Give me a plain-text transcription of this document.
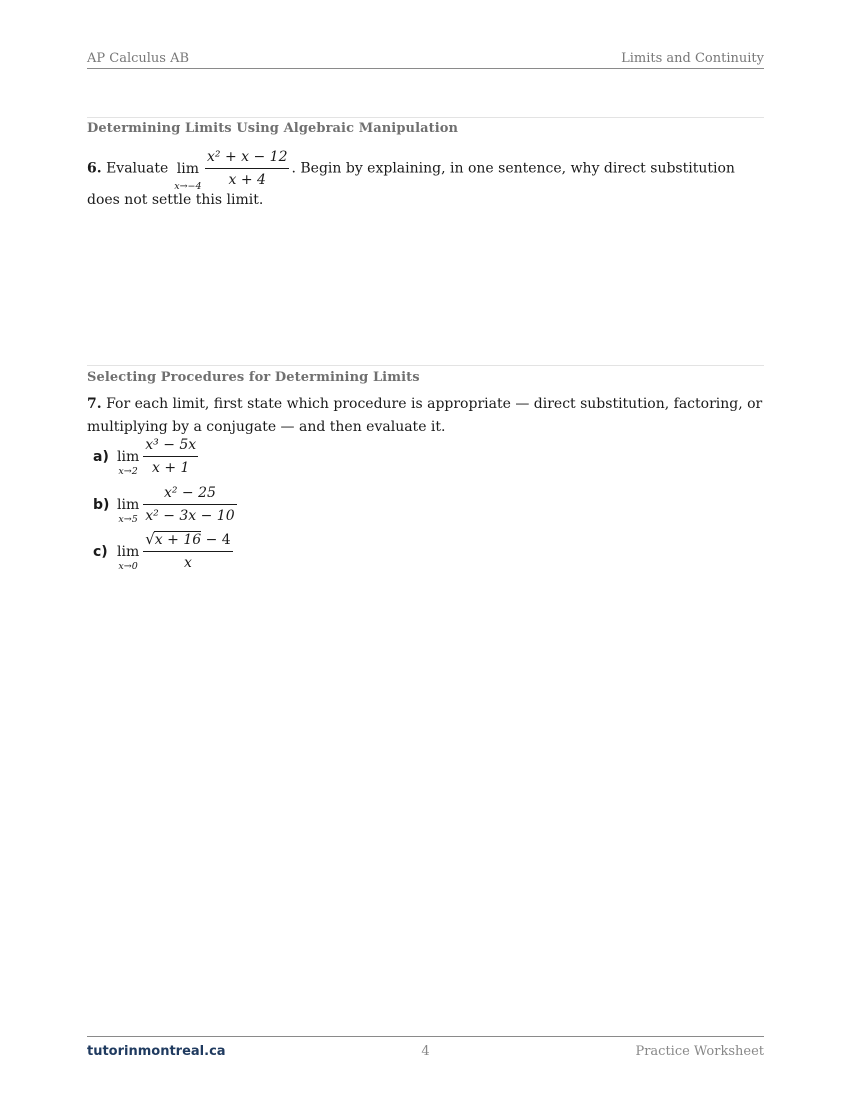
AP Calculus AB	Limits and Continuity
Determining Limits Using Algebraic Manipulation
6. Evaluate lim
$x\to-4 \frac{\text{x² + x − 12}}{x + 4}$ . Begin by explaining, in one sentence, why direct substitution does not settle this limit.
Selecting Procedures for Determining Limits
7. For each limit, first state which procedure is appropriate — direct substitution, factoring, or multiplying by a conjugate — and then evaluate it.
a) lim
$x\to 2 \frac{\text{x³ − 5x}}{x + 1}$
b) lim
$x\to 5 \frac{\text{x² − 25}}{\text{x² − 3x − 10}}$
c) lim
$x\to 0 \frac{√x + 16 - 4}{x}$
tutorinmontreal.ca	4	Practice Worksheet
